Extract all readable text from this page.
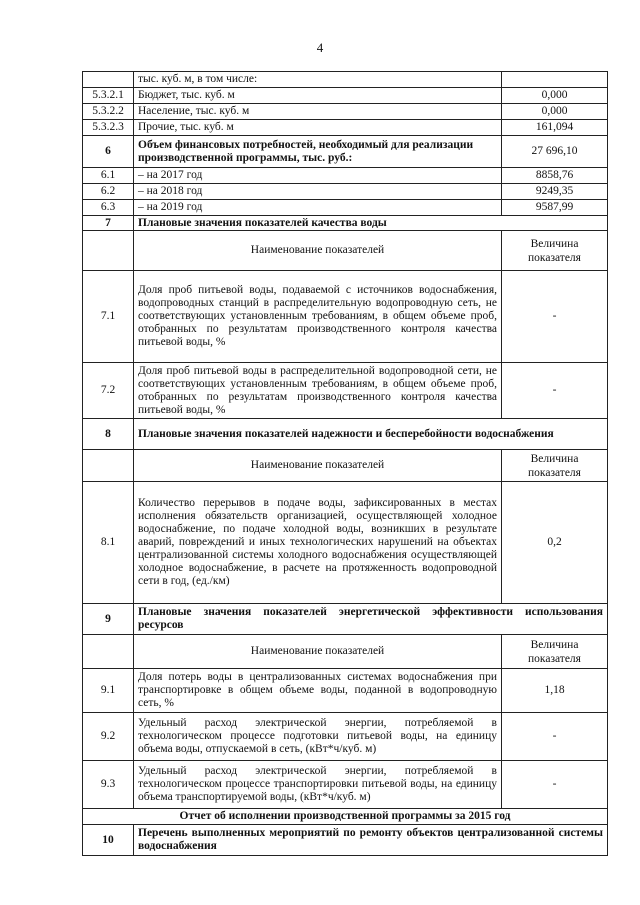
4
	тыс. куб. м, в том числе:	
5.3.2.1	Бюджет, тыс. куб. м	0,000
5.3.2.2	Население, тыс. куб. м	0,000
5.3.2.3	Прочие, тыс. куб. м	161,094
6	Объем финансовых потребностей, необходимый для реализации производственной программы, тыс. руб.:	27 696,10
6.1	– на 2017 год	8858,76
6.2	– на 2018 год	9249,35
6.3	– на 2019 год	9587,99
7	Плановые значения показателей качества воды	
	Наименование показателей	Величина показателя
7.1	Доля проб питьевой воды, подаваемой с источников водоснабжения, водопроводных станций в распределительную водопроводную сеть, не соответствующих установленным требованиям, в общем объеме проб, отобранных по результатам производственного контроля качества питьевой воды, %	-
7.2	Доля проб питьевой воды в распределительной водопроводной сети, не соответствующих установленным требованиям, в общем объеме проб, отобранных по результатам производственного контроля качества питьевой воды, %	-
8	Плановые значения показателей надежности и бесперебойности водоснабжения	
	Наименование показателей	Величина показателя
8.1	Количество перерывов в подаче воды, зафиксированных в местах исполнения обязательств организацией, осуществляющей холодное водоснабжение, по подаче холодной воды, возникших в результате аварий, повреждений и иных технологических нарушений на объектах централизованной системы холодного водоснабжения осуществляющей холодное водоснабжение, в расчете на протяженность водопроводной сети в год, (ед./км)	0,2
9	Плановые значения показателей энергетической эффективности использования ресурсов	
	Наименование показателей	Величина показателя
9.1	Доля потерь воды в централизованных системах водоснабжения при транспортировке в общем объеме воды, поданной в водопроводную сеть, %	1,18
9.2	Удельный расход электрической энергии, потребляемой в технологическом процессе подготовки питьевой воды, на единицу объема воды, отпускаемой в сеть, (кВт*ч/куб. м)	-
9.3	Удельный расход электрической энергии, потребляемой в технологическом процессе транспортировки питьевой воды, на единицу объема транспортируемой воды, (кВт*ч/куб. м)	-
Отчет об исполнении производственной программы за 2015 год		
10	Перечень выполненных мероприятий по ремонту объектов централизованной системы водоснабжения	
